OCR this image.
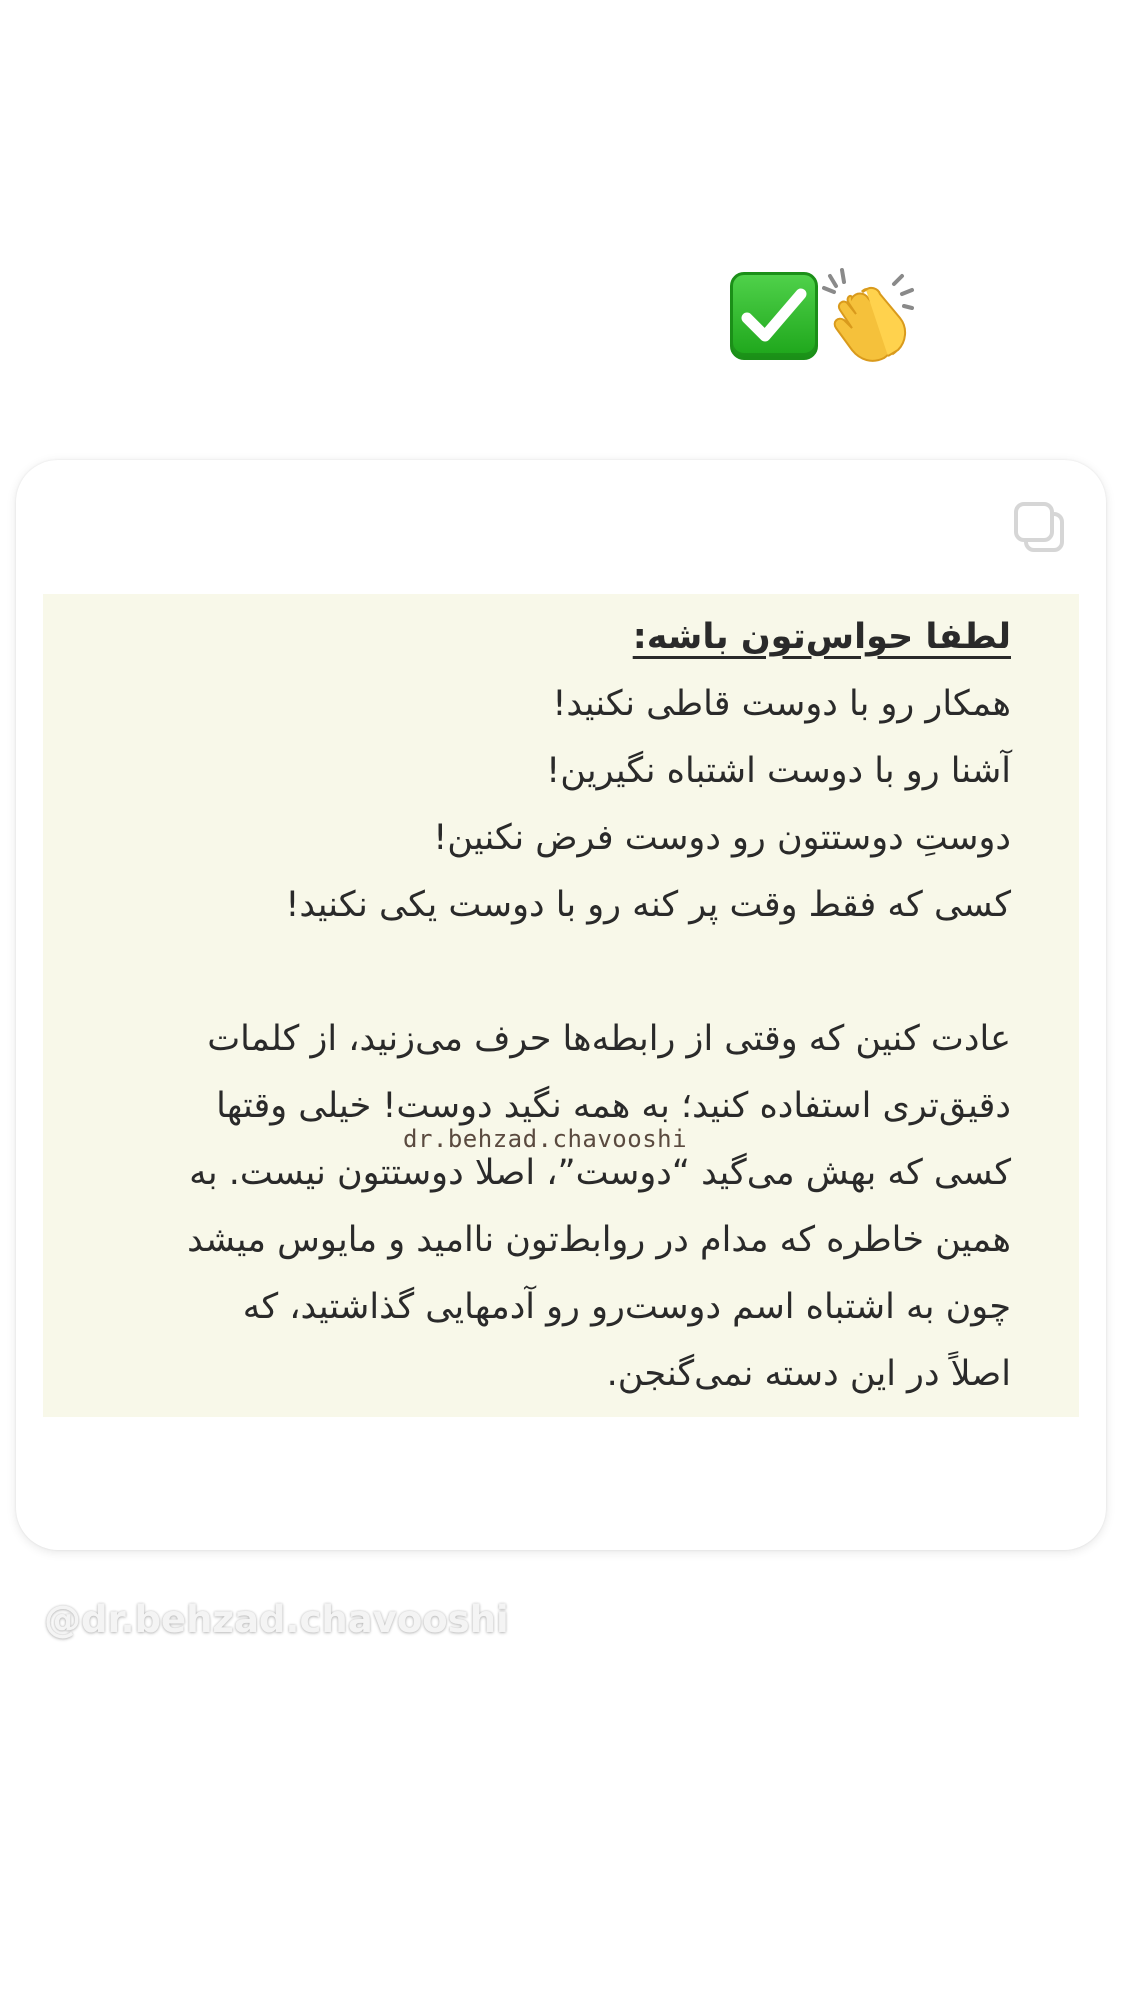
لطفا حواس‌تون باشه:
همکار رو با دوست قاطی نکنید!
آشنا رو با دوست اشتباه نگیرین!
دوستِ دوستتون رو دوست فرض نکنین!
کسی که فقط وقت پر کنه رو با دوست یکی نکنید!
عادت کنین که وقتی از رابطه‌ها حرف می‌زنید، از کلمات
دقیق‌تری استفاده کنید؛ به همه نگید دوست! خیلی وقتها
کسی که بهش می‌گید “دوست”، اصلا دوستتون نیست. به
همین خاطره که مدام در روابط‌تون ناامید و مایوس میشد
چون به اشتباه اسم دوست‌رو رو آدمهایی گذاشتید، که
اصلاً در این دسته نمی‌گنجن.
dr.behzad.chavooshi
@dr.behzad.chavooshi
